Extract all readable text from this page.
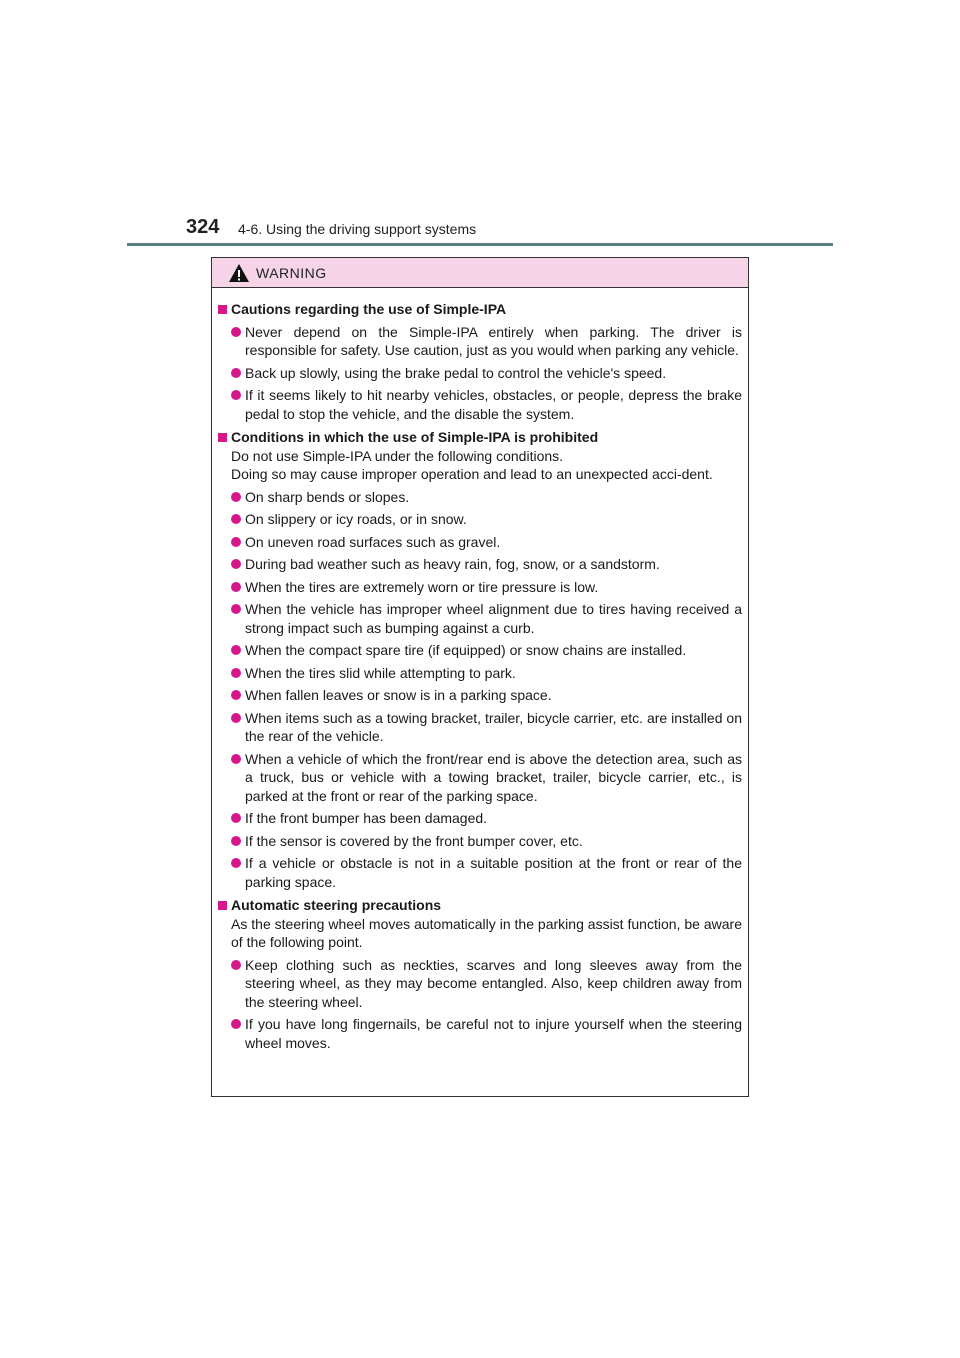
324 4-6. Using the driving support systems
WARNING
Cautions regarding the use of Simple-IPA
Never depend on the Simple-IPA entirely when parking. The driver is responsible for safety. Use caution, just as you would when parking any vehicle.
Back up slowly, using the brake pedal to control the vehicle's speed.
If it seems likely to hit nearby vehicles, obstacles, or people, depress the brake pedal to stop the vehicle, and the disable the system.
Conditions in which the use of Simple-IPA is prohibited
Do not use Simple-IPA under the following conditions.
Doing so may cause improper operation and lead to an unexpected acci-dent.
On sharp bends or slopes.
On slippery or icy roads, or in snow.
On uneven road surfaces such as gravel.
During bad weather such as heavy rain, fog, snow, or a sandstorm.
When the tires are extremely worn or tire pressure is low.
When the vehicle has improper wheel alignment due to tires having received a strong impact such as bumping against a curb.
When the compact spare tire (if equipped) or snow chains are installed.
When the tires slid while attempting to park.
When fallen leaves or snow is in a parking space.
When items such as a towing bracket, trailer, bicycle carrier, etc. are installed on the rear of the vehicle.
When a vehicle of which the front/rear end is above the detection area, such as a truck, bus or vehicle with a towing bracket, trailer, bicycle carrier, etc., is parked at the front or rear of the parking space.
If the front bumper has been damaged.
If the sensor is covered by the front bumper cover, etc.
If a vehicle or obstacle is not in a suitable position at the front or rear of the parking space.
Automatic steering precautions
As the steering wheel moves automatically in the parking assist function, be aware of the following point.
Keep clothing such as neckties, scarves and long sleeves away from the steering wheel, as they may become entangled. Also, keep children away from the steering wheel.
If you have long fingernails, be careful not to injure yourself when the steering wheel moves.
